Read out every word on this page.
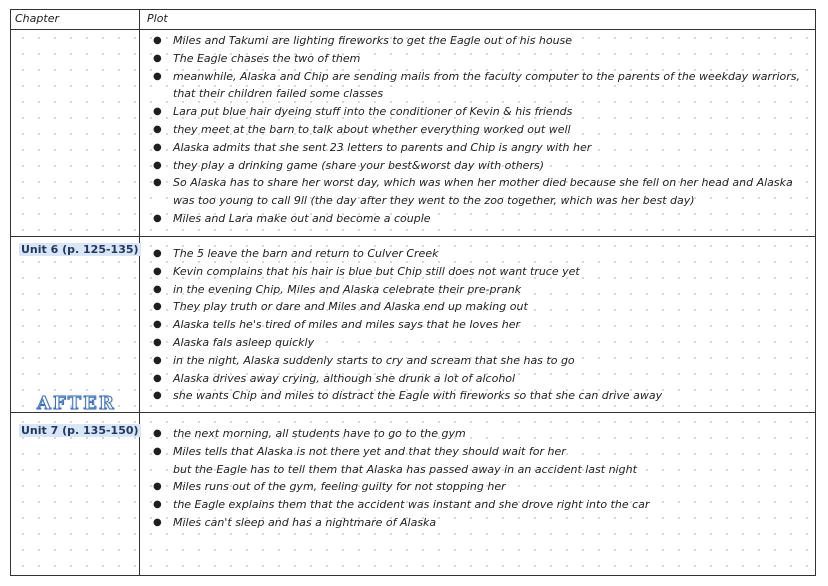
Chapter	Plot
Unit 6 (p. 125-135)
Unit 7 (p. 135-150)
AFTER
● Miles and Takumi are lighting fireworks to get the Eagle out of his house
● The Eagle chases the two of them
● meanwhile, Alaska and Chip are sending mails from the faculty computer to the parents of the weekday warriors,
that their children failed some classes
● Lara put blue hair dyeing stuff into the conditioner of Kevin & his friends
● they meet at the barn to talk about whether everything worked out well
● Alaska admits that she sent 23 letters to parents and Chip is angry with her
● they play a drinking game (share your best&worst day with others)
● So Alaska has to share her worst day, which was when her mother died because she fell on her head and Alaska
was too young to call 9ll (the day after they went to the zoo together, which was her best day)
● Miles and Lara make out and become a couple
● The 5 leave the barn and return to Culver Creek
● Kevin complains that his hair is blue but Chip still does not want truce yet
● in the evening Chip, Miles and Alaska celebrate their pre-prank
● They play truth or dare and Miles and Alaska end up making out
● Alaska tells he's tired of miles and miles says that he loves her
● Alaska fals asleep quickly
● in the night, Alaska suddenly starts to cry and scream that she has to go
● Alaska drives away crying, although she drunk a lot of alcohol
● she wants Chip and miles to distract the Eagle with fireworks so that she can drive away
● the next morning, all students have to go to the gym
● Miles tells that Alaska is not there yet and that they should wait for her
but the Eagle has to tell them that Alaska has passed away in an accident last night
● Miles runs out of the gym, feeling guilty for not stopping her
● the Eagle explains them that the accident was instant and she drove right into the car
● Miles can't sleep and has a nightmare of Alaska
